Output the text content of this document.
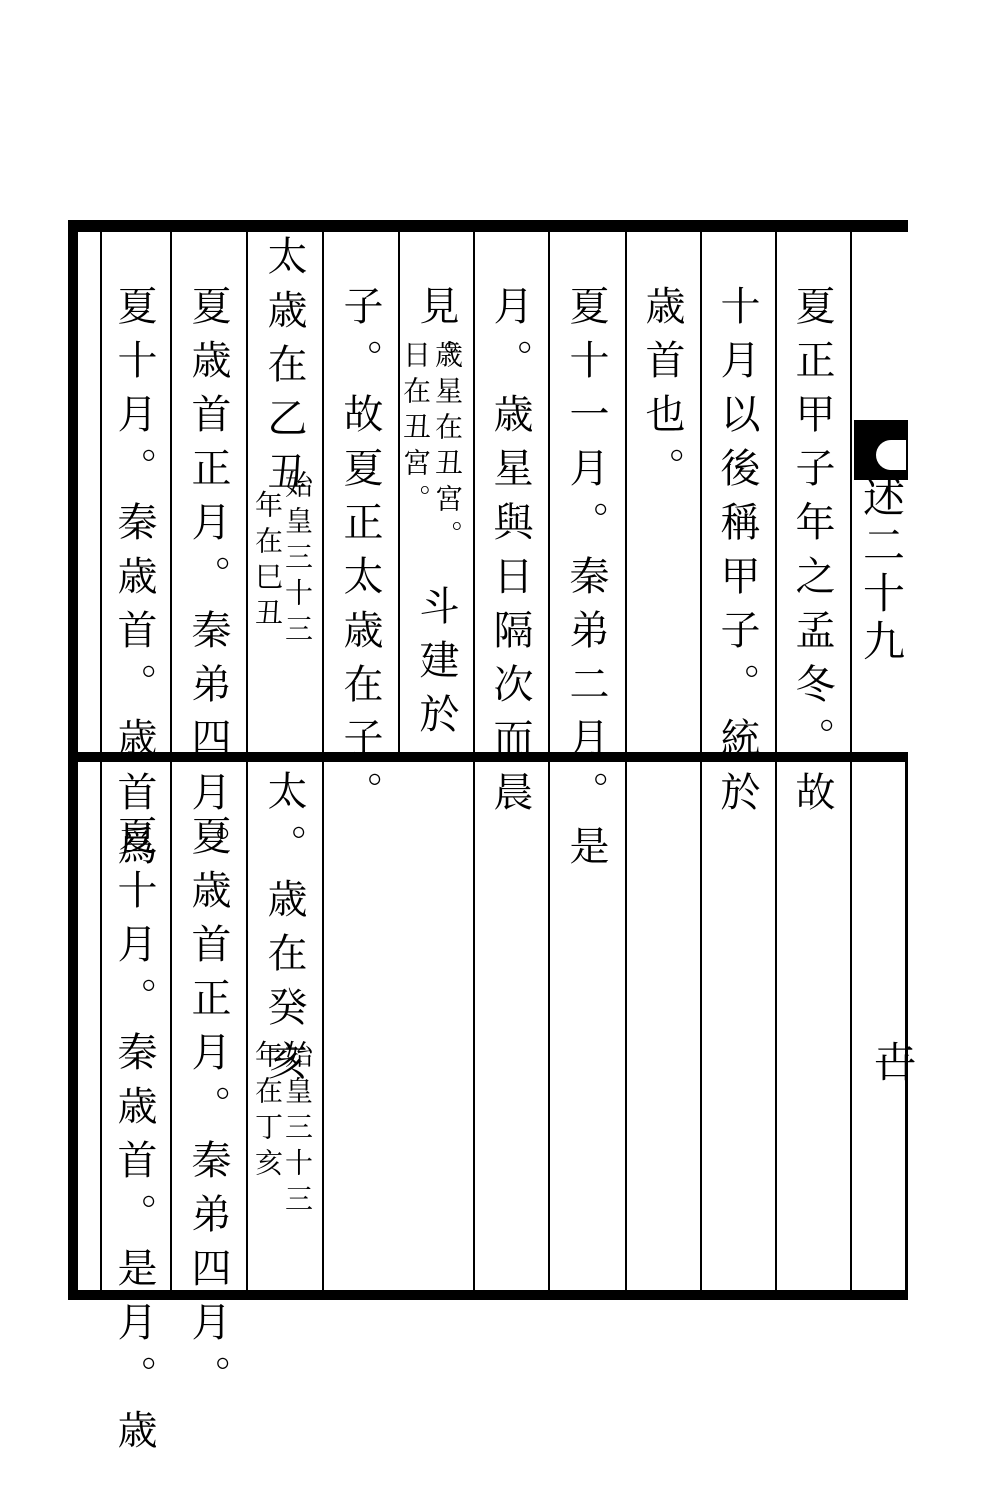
述二十九
卋
夏正甲子年之孟冬。故
十月以後稱甲子。統於
歳首也。
夏十一月。秦弟二月。是
月。歳星與日隔次而晨
見。
歳星在丑宮。
日在丑宮。
斗建於
子。故夏正太歳在子。
太歳在乙丑
始皇三十三
年在巳丑
夏歳首正月。秦弟四月。
夏十月。秦歳首。歳首爲
太。歳在癸亥
始皇三十三
年在丁亥
夏歳首正月。秦弟四月。
夏十月。秦歳首。是月。歳
